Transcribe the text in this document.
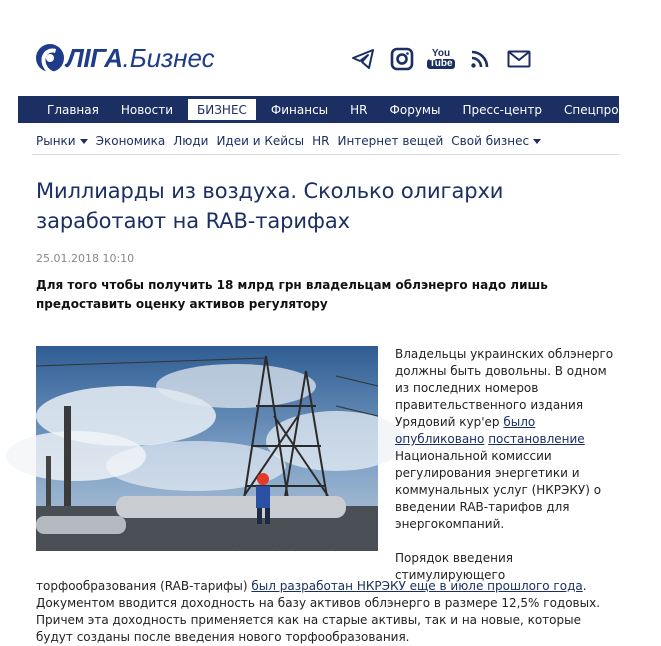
ЛІГА .Бизнес	You
Tube
Главная	Новости	БИЗНЕС	Финансы	HR	Форумы	Пресс-центр	Спецпроекты
Рынки Экономика Люди Идеи и Кейсы HR Интернет вещей Свой бизнес
Миллиарды из воздуха. Сколько олигархи заработают на RAB-тарифах
25.01.2018 10:10
Для того чтобы получить 18 млрд грн владельцам облэнерго надо лишь предоставить оценку активов регулятору

Владельцы украинских облэнерго должны быть довольны. В одном из последних номеров правительственного издания Урядовий кур'ер было опубликовано постановление Национальной комиссии регулирования энергетики и коммунальных услуг (НКРЭКУ) о введении RAB-тарифов для энергокомпаний.

Порядок введения стимулирующего

торфообразования (RAB-тарифы) был разработан НКРЭКУ еще в июле прошлого года. Документом вводится доходность на базу активов облэнерго в размере 12,5% годовых. Причем эта доходность применяется как на старые активы, так и на новые, которые будут созданы после введения нового торфообразования.
